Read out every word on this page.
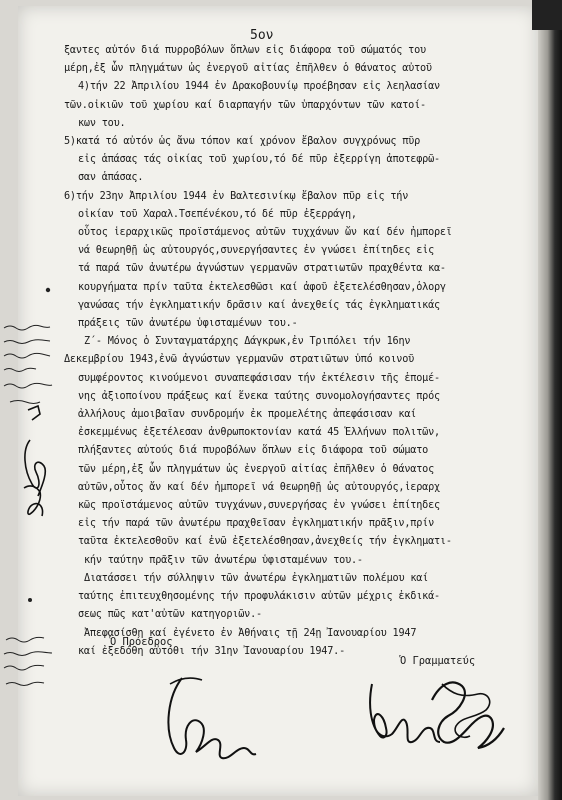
5ον
ξαντες αὐτόν διά πυρροβόλων ὅπλων εἰς διάφορα τοῦ σώματός του
μέρη,ἐξ ὧν πληγμάτων ὡς ἐνεργοῦ αἰτίας ἐπῆλθεν ὁ θάνατος αὐτοῦ
4)τήν 22 Ἀπριλίου 1944 ἐν Δρακοβουνίῳ προέβησαν εἰς λεηλασίαν
τῶν.οἰκιῶν τοῦ χωρίου καί διαρπαγήν τῶν ὑπαρχόντων τῶν κατοί-
κων του.
5)κατά τό αὐτόν ὡς ἄνω τόπον καί χρόνον ἔβαλον συγχρόνως πῦρ
εἰς ἁπάσας τάς οἰκίας τοῦ χωρίου,τό δέ πῦρ ἐξερρίγη ἀποτεφρῶ-
σαν ἁπάσας.
6)τήν 23ην Ἀπριλίου 1944 ἐν Βαλτεσινίκῳ ἔβαλον πῦρ εἰς τήν
οἰκίαν τοῦ Χαραλ.Τσεπένέκου,τό δέ πῦρ ἐξερράγη,
οὗτος ἱεραρχικῶς προϊστάμενος αὐτῶν τυχχάνων ὤν καί δέν ἠμπορεῖ
νά θεωρηθῇ ὡς αὐτουργός,συνεργήσαντες ἐν γνώσει ἐπίτηδες εἰς
τά παρά τῶν ἀνωτέρω ἀγνώστων γερμανῶν στρατιωτῶν πραχθέντα κα-
κουργήματα πρίν ταῦτα ἐκτελεσθῶσι καί ἀφοῦ ἐξετελέσθησαν,ὁλοργ
γανώσας τήν ἐγκληματικήν δρᾶσιν καί ἀνεχθείς τάς ἐγκληματικάς
πράξεις τῶν ἀνωτέρω ὑφισταμένων του.-
Ζ΄- Μόνος ὁ Συνταγματάρχης Δάγκρωκ,ἐν Τριπόλει τήν 16ην
Δεκεμβρίου 1943,ἐνῶ ἀγνώστων γερμανῶν στρατιῶτων ὑπό κοινοῦ
συμφέροντος κινούμενοι συναπεφάσισαν τήν ἐκτέλεσιν τῆς ἑπομέ-
νης ἀξιοποίνου πράξεως καί ἕνεκα ταύτης συνομολογήσαντες πρός
ἀλλήλους ἀμοιβαῖαν συνδρομήν ἐκ προμελέτης ἀπεφάσισαν καί
ἐσκεμμένως ἐξετέλεσαν ἀνθρωποκτονίαν κατά 45 Ἑλλήνων πολιτῶν,
πλήξαντες αὐτούς διά πυροβόλων ὅπλων εἰς διάφορα τοῦ σώματο
τῶν μέρη,ἐξ ὧν πληγμάτων ὡς ἐνεργοῦ αἰτίας ἐπῆλθεν ὁ θάνατος
αὐτῶν,οὗτος ἄν καί δέν ἠμπορεῖ νά θεωρηθῇ ὡς αὐτουργός,ἱεραρχ
κῶς προϊστάμενος αὐτῶν τυγχάνων,συνεργήσας ἐν γνώσει ἐπίτηδες
εἰς τήν παρά τῶν ἀνωτέρω πραχθεῖσαν ἐγκληματικήν πρᾶξιν,πρίν
ταῦτα ἐκτελεσθοῦν καί ἐνῶ ἐξετελέσθησαν,ἀνεχθείς τήν ἐγκληματι-
κήν ταύτην πρᾶξιν τῶν ἀνωτέρω ὑφισταμένων του.-
Διατάσσει τήν σύλληψιν τῶν ἀνωτέρω ἐγκληματιῶν πολέμου καί
ταύτης ἐπιτευχθησομένης τήν προφυλάκισιν αὐτῶν μέχρις ἐκδικά-
σεως πῶς κατ'αὐτῶν κατηγοριῶν.-
Ἀπεφασίσθη καί ἐγένετο ἐν Ἀθήναις τῇ 24ῃ Ἰανουαρίου 1947
καί ἐξεδόθη αὐτόθι τήν 31ην Ἰανουαρίου 1947.-
Ὁ Πρόεδρος
Ὁ Γραμματεύς
